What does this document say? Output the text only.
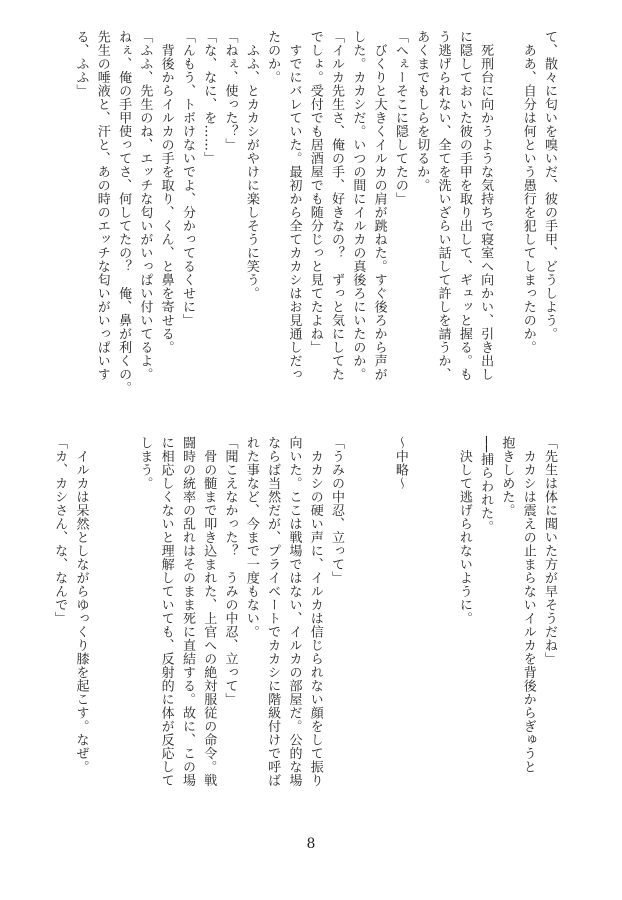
て、散々に匂いを嗅いだ、彼の手甲、どうしよう。
　ああ、自分は何という愚行を犯してしまったのか。

　死刑台に向かうような気持ちで寝室へ向かい、引き出し
に隠しておいた彼の手甲を取り出して、ギュッと握る。も
う逃げられない、全てを洗いざらい話して許しを請うか、
あくまでもしらを切るか。
「へぇーそこに隠してたの」
　びくりと大きくイルカの肩が跳ねた。すぐ後ろから声が
した。カカシだ。いつの間にイルカの真後ろにいたのか。
「イルカ先生さ、俺の手、好きなの？　ずっと気にしてた
でしょ。受付でも居酒屋でも随分じっと見てたよね」
　すでにバレていた。最初から全てカカシはお見通しだっ
たのか。
　ふふ、とカカシがやけに楽しそうに笑う。
「ねぇ、使った？」
「な、なに、を……」
「んもう、トボけないでよ、分かってるくせに」
　背後からイルカの手を取り、くん、と鼻を寄せる。
「ふふ、先生のね、エッチな匂いがいっぱい付いてるよ。
ねぇ、俺の手甲使ってさ、何してたの？　俺、鼻が利くの。
先生の唾液と、汗と、あの時のエッチな匂いがいっぱいす
る、ふふ」
「先生は体に聞いた方が早そうだね」
　カカシは震えの止まらないイルカを背後からぎゅうと
抱きしめた。
──捕らわれた。
　決して逃げられないように。

〜中略〜

「うみの中忍、立って」
　カカシの硬い声に、イルカは信じられない顔をして振り
向いた。ここは戦場ではない、イルカの部屋だ。公的な場
ならば当然だが、プライベートでカカシに階級付けで呼ば
れた事など、今まで一度もない。
「聞こえなかった？　うみの中忍、立って」
　骨の髄まで叩き込まれた、上官への絶対服従の命令。戦
闘時の統率の乱れはそのまま死に直結する。故に、この場
に相応しくないと理解していても、反射的に体が反応して
しまう。

　イルカは呆然としながらゆっくり膝を起こす。なぜ。
「カ、カシさん、な、なんで」
8
